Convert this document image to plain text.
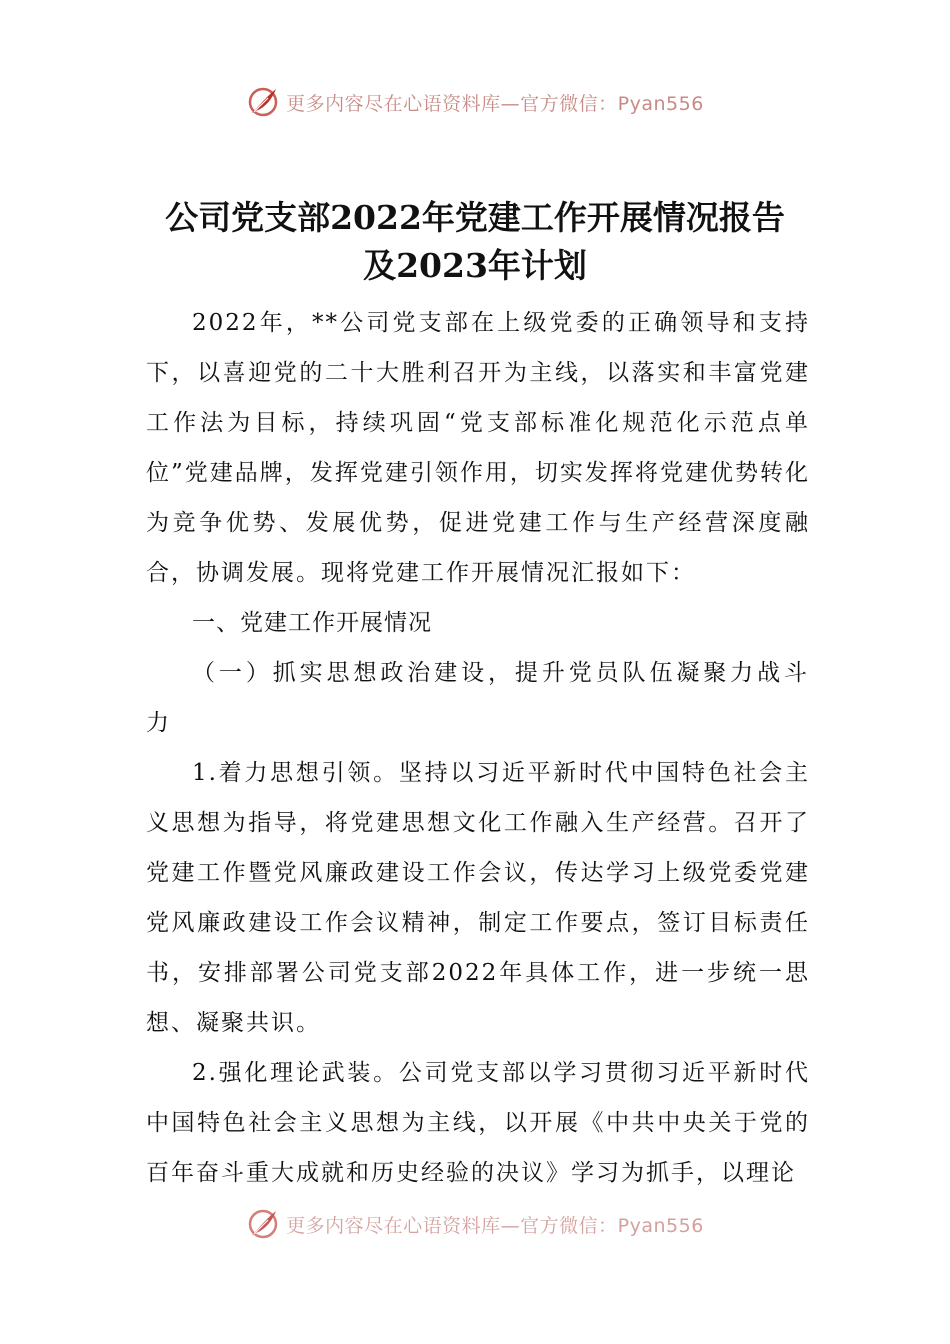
更多内容尽在心语资料库—官方微信：Pyan556
公司党支部2022年党建工作开展情况报告
及2023年计划

2022年，**公司党支部在上级党委的正确领导和支持下，以喜迎党的二十大胜利召开为主线，以落实和丰富党建工作法为目标，持续巩固“党支部标准化规范化示范点单位”党建品牌，发挥党建引领作用，切实发挥将党建优势转化为竞争优势、发展优势，促进党建工作与生产经营深度融合，协调发展。现将党建工作开展情况汇报如下：

一、党建工作开展情况

（一）抓实思想政治建设，提升党员队伍凝聚力战斗力

1.着力思想引领。坚持以习近平新时代中国特色社会主义思想为指导，将党建思想文化工作融入生产经营。召开了党建工作暨党风廉政建设工作会议，传达学习上级党委党建党风廉政建设工作会议精神，制定工作要点，签订目标责任书，安排部署公司党支部2022年具体工作，进一步统一思想、凝聚共识。

2.强化理论武装。公司党支部以学习贯彻习近平新时代中国特色社会主义思想为主线，以开展《中共中央关于党的百年奋斗重大成就和历史经验的决议》学习为抓手，以理论

更多内容尽在心语资料库—官方微信：Pyan556
